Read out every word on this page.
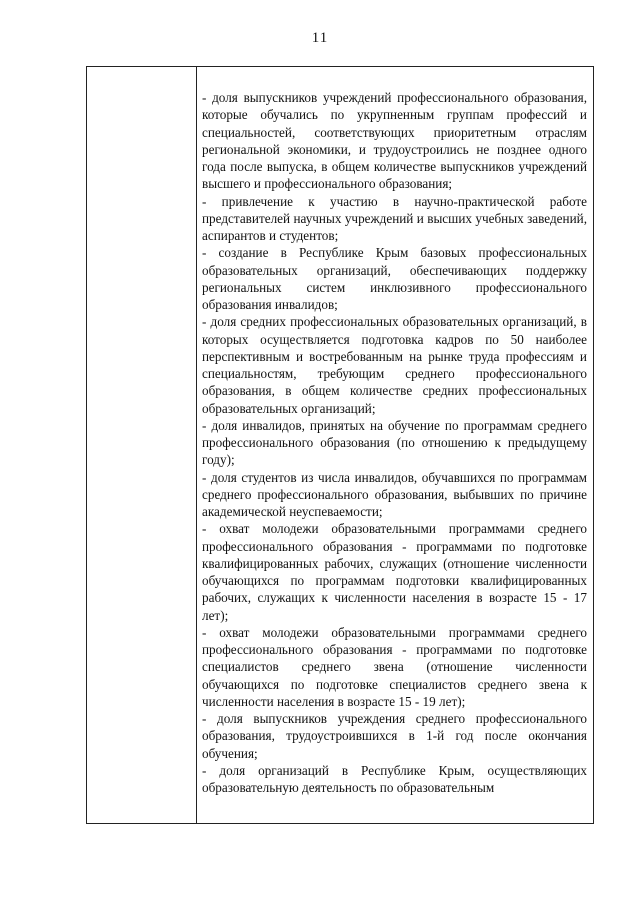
11

- доля выпускников учреждений профессионального образования, которые обучались по укрупненным группам профессий и специальностей, соответствующих приоритетным отраслям региональной экономики, и трудоустроились не позднее одного года после выпуска, в общем количестве выпускников учреждений высшего и профессионального образования;

- привлечение к участию в научно-практической работе представителей научных учреждений и высших учебных заведений, аспирантов и студентов;

- создание в Республике Крым базовых профессиональных образовательных организаций, обеспечивающих поддержку региональных систем инклюзивного профессионального образования инвалидов;

- доля средних профессиональных образовательных организаций, в которых осуществляется подготовка кадров по 50 наиболее перспективным и востребованным на рынке труда профессиям и специальностям, требующим среднего профессионального образования, в общем количестве средних профессиональных образовательных организаций;

- доля инвалидов, принятых на обучение по программам среднего профессионального образования (по отношению к предыдущему году);

- доля студентов из числа инвалидов, обучавшихся по программам среднего профессионального образования, выбывших по причине академической неуспеваемости;

- охват молодежи образовательными программами среднего профессионального образования - программами по подготовке квалифицированных рабочих, служащих (отношение численности обучающихся по программам подготовки квалифицированных рабочих, служащих к численности населения в возрасте 15 - 17 лет);

- охват молодежи образовательными программами среднего профессионального образования - программами по подготовке специалистов среднего звена (отношение численности обучающихся по подготовке специалистов среднего звена к численности населения в возрасте 15 - 19 лет);

- доля выпускников учреждения среднего профессионального образования, трудоустроившихся в 1-й год после окончания обучения;

- доля организаций в Республике Крым, осуществляющих образовательную деятельность по образовательным
